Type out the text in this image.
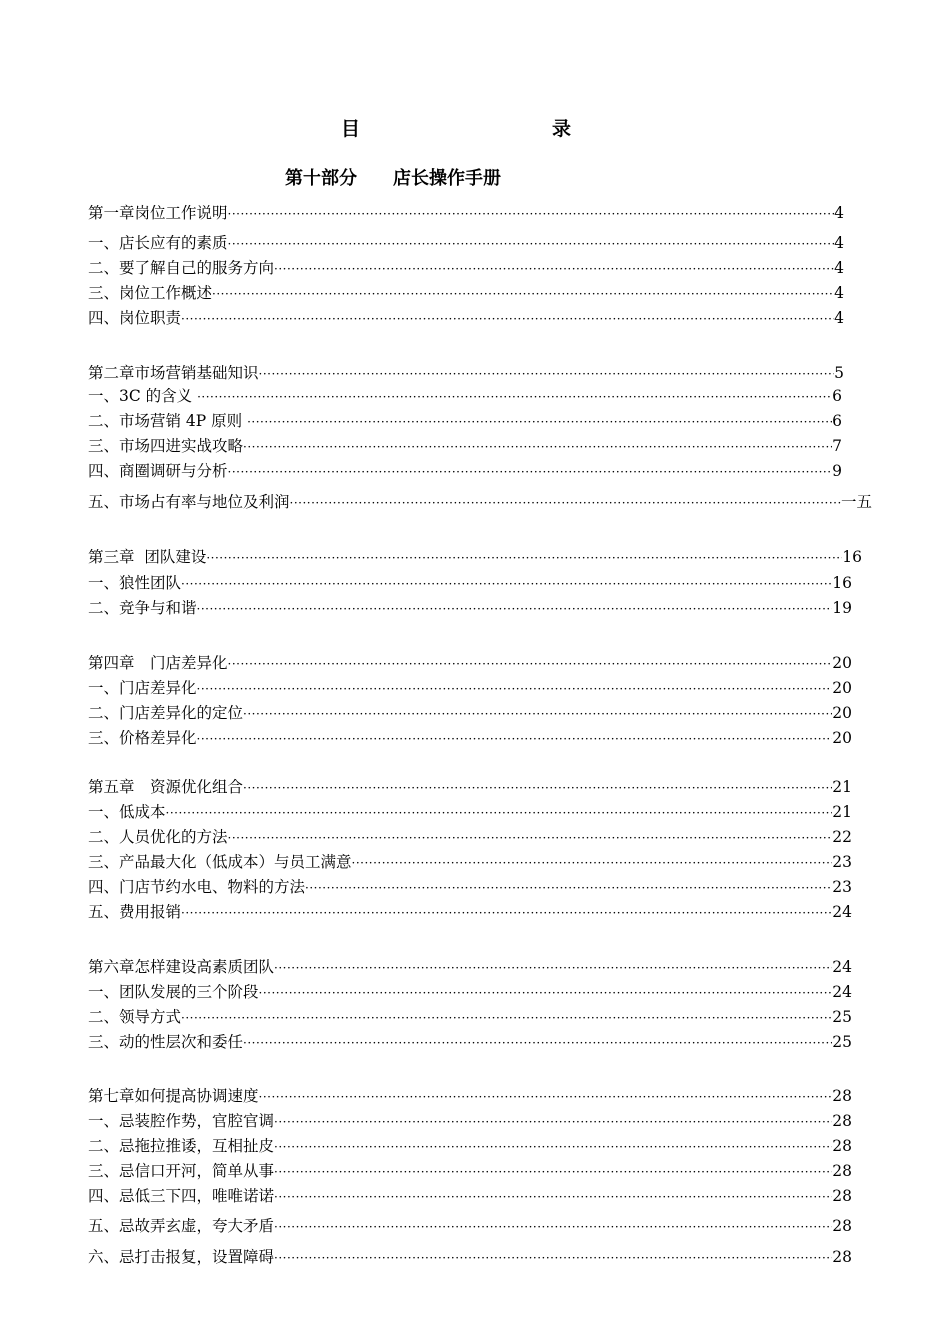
目	录
第十部分　　店长操作手册
第一章岗位工作说明 ·····	4
一、店长应有的素质 ·····	4
二、要了解自己的服务方向 ·····	4
三、岗位工作概述 ·····	4
四、岗位职责 ·····	4
第二章市场营销基础知识 ·····	5
一、3C 的含义 ·····	6
二、市场营销 4P 原则 ·····	6
三、市场四进实战攻略 ·····	7
四、商圈调研与分析 ·····	9
五、市场占有率与地位及利润 ·····	一五
第三章  团队建设 ·····	16
一、狼性团队 ·····	16
二、竞争与和谐 ·····	19
第四章　门店差异化 ·····	20
一、门店差异化 ·····	20
二、门店差异化的定位 ·····	20
三、价格差异化 ·····	20
第五章　资源优化组合 ·····	21
一、低成本 ·····	21
二、人员优化的方法 ·····	22
三、产品最大化（低成本）与员工满意 ·····	23
四、门店节约水电、物料的方法 ·····	23
五、费用报销 ·····	24
第六章怎样建设高素质团队 ·····	24
一、团队发展的三个阶段 ·····	24
二、领导方式 ·····	25
三、动的性层次和委任 ·····	25
第七章如何提高协调速度 ·····	28
一、忌装腔作势，官腔官调 ·····	28
二、忌拖拉推诿，互相扯皮 ·····	28
三、忌信口开河，简单从事 ·····	28
四、忌低三下四，唯唯诺诺 ·····	28
五、忌故弄玄虚，夸大矛盾 ·····	28
六、忌打击报复，设置障碍 ·····	28
